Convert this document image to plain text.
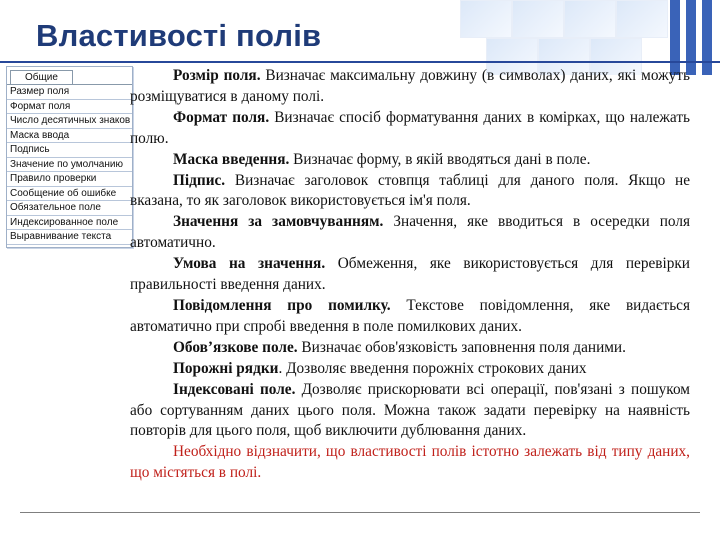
Властивості полів
Общие
Размер поля
Формат поля
Число десятичных знаков
Маска ввода
Подпись
Значение по умолчанию
Правило проверки
Сообщение об ошибке
Обязательное поле
Индексированное поле
Выравнивание текста

Розмір поля. Визначає максимальну довжину (в символах) даних, які можуть розміщуватися в даному полі.

Формат поля. Визначає спосіб форматування даних в комірках, що належать полю.

Маска введення. Визначає форму, в якій вводяться дані в поле.

Підпис. Визначає заголовок стовпця таблиці для даного поля. Якщо не вказана, то як заголовок використовується ім'я поля.

Значення за замовчуванням. Значення, яке вводиться в осередки поля автоматично.

Умова на значення. Обмеження, яке використовується для перевірки правильності введення даних.

Повідомлення про помилку. Текстове повідомлення, яке видається автоматично при спробі введення в поле помилкових даних.

Обов’язкове поле. Визначає обов'язковість заповнення поля даними.

Порожні рядки. Дозволяє введення порожніх строкових даних

Індексовані поле. Дозволяє прискорювати всі операції, пов'язані з пошуком або сортуванням даних цього поля. Можна також задати перевірку на наявність повторів для цього поля, щоб виключити дублювання даних.

Необхідно відзначити, що властивості полів істотно залежать від типу даних, що містяться в полі.
